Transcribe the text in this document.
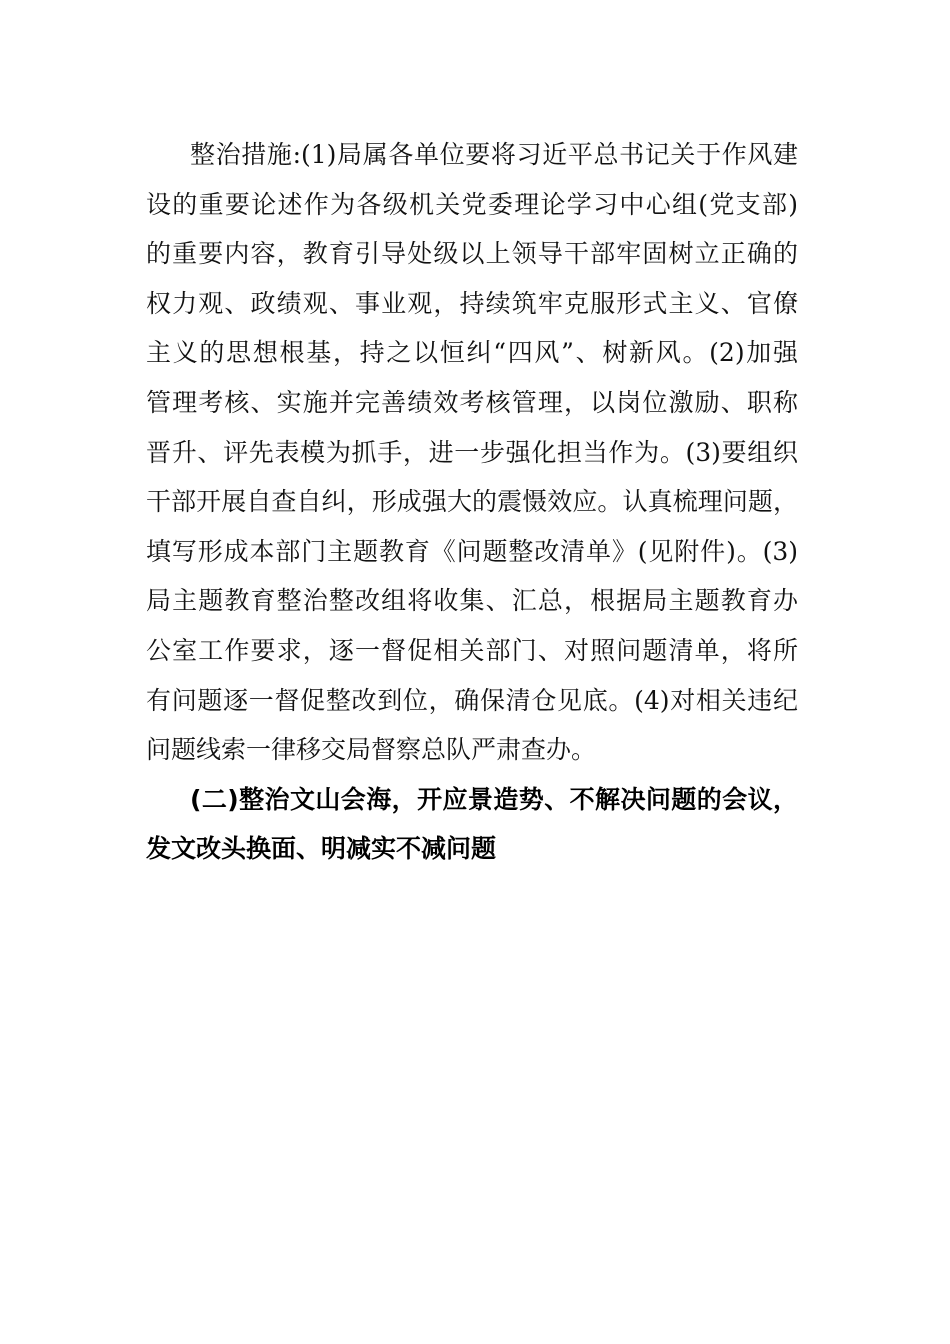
整治措施:(1)局属各单位要将习近平总书记关于作风建
设的重要论述作为各级机关党委理论学习中心组(党支部)
的重要内容，教育引导处级以上领导干部牢固树立正确的
权力观、政绩观、事业观，持续筑牢克服形式主义、官僚
主义的思想根基，持之以恒纠“四风”、树新风。(2)加强
管理考核、实施并完善绩效考核管理，以岗位激励、职称
晋升、评先表模为抓手，进一步强化担当作为。(3)要组织
干部开展自查自纠，形成强大的震慑效应。认真梳理问题，
填写形成本部门主题教育《问题整改清单》(见附件)。(3)
局主题教育整治整改组将收集、汇总，根据局主题教育办
公室工作要求，逐一督促相关部门、对照问题清单，将所
有问题逐一督促整改到位，确保清仓见底。(4)对相关违纪
问题线索一律移交局督察总队严肃查办。
(二)整治文山会海，开应景造势、不解决问题的会议，
发文改头换面、明减实不减问题
